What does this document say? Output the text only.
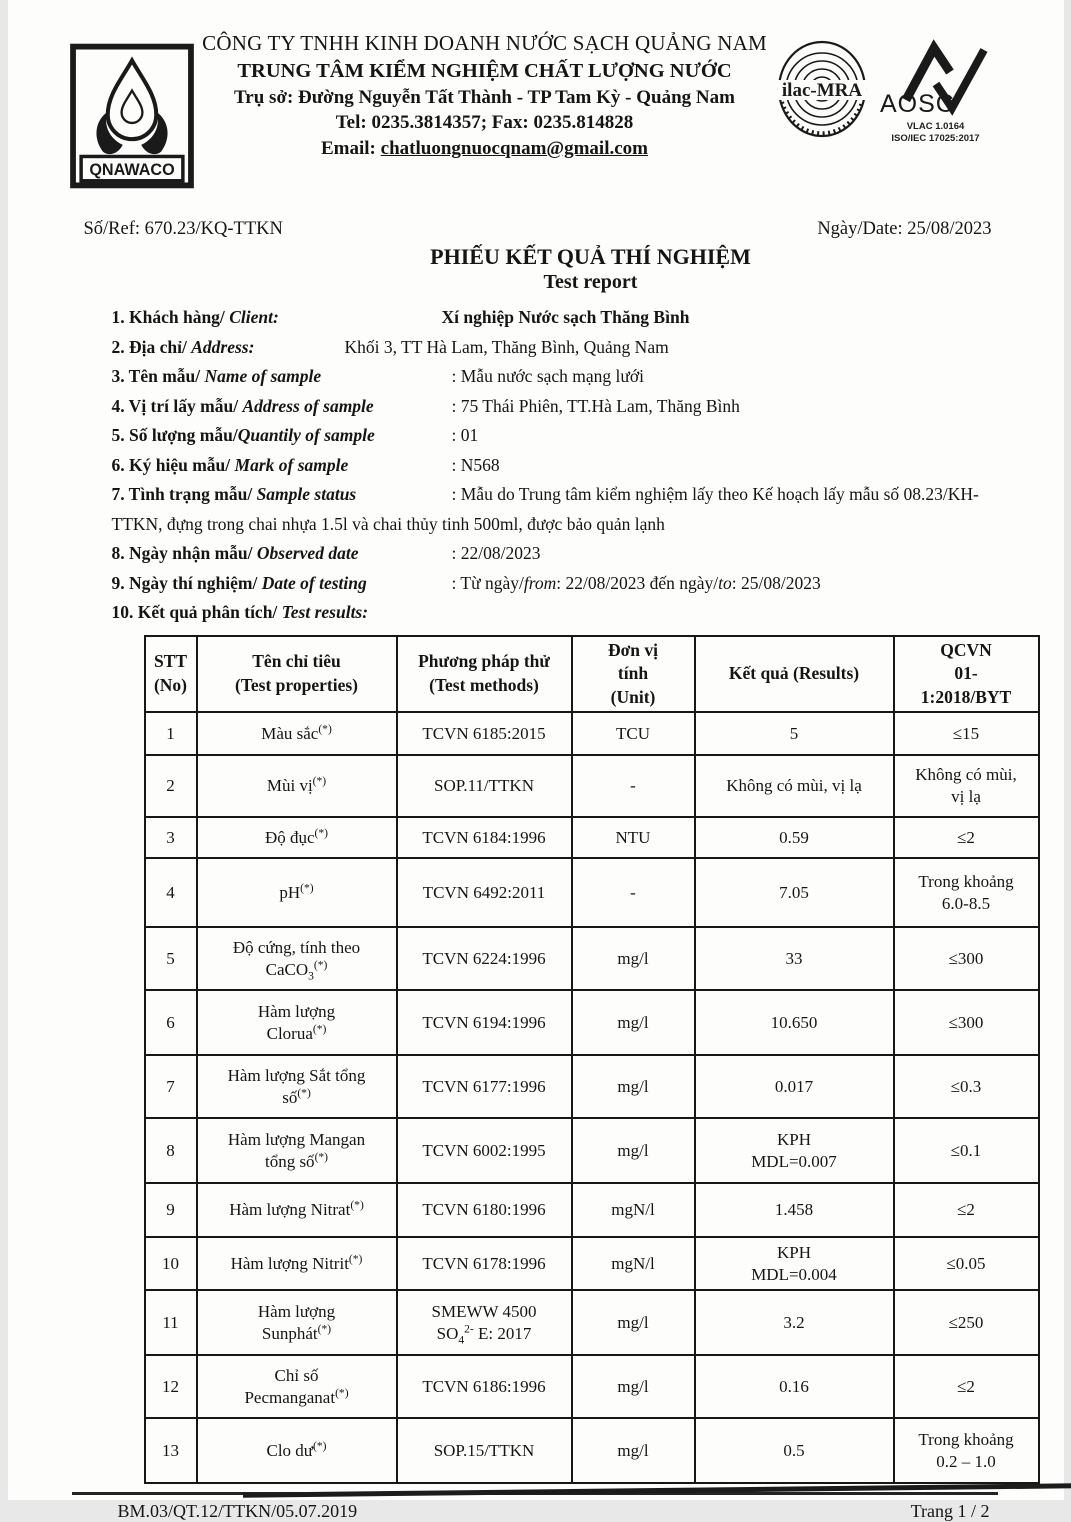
QNAWACO
CÔNG TY TNHH KINH DOANH NƯỚC SẠCH QUẢNG NAM
TRUNG TÂM KIỂM NGHIỆM CHẤT LƯỢNG NƯỚC
Trụ sở: Đường Nguyễn Tất Thành - TP Tam Kỳ - Quảng Nam
Tel: 0235.3814357; Fax: 0235.814828
Email: chatluongnuocqnam@gmail.com
ilac-MRA AOSC
VLAC 1.0164
ISO/IEC 17025:2017
Số/Ref: 670.23/KQ-TTKN	Ngày/Date: 25/08/2023
PHIẾU KẾT QUẢ THÍ NGHIỆM
Test report
1. Khách hàng/ Client:	Xí nghiệp Nước sạch Thăng Bình
2. Địa chỉ/ Address:	Khối 3, TT Hà Lam, Thăng Bình, Quảng Nam
3. Tên mẫu/ Name of sample	: Mẫu nước sạch mạng lưới
4. Vị trí lấy mẫu/ Address of sample	: 75 Thái Phiên, TT.Hà Lam, Thăng Bình
5. Số lượng mẫu/Quantily of sample	: 01
6. Ký hiệu mẫu/ Mark of sample	: N568
7. Tình trạng mẫu/ Sample status	: Mẫu do Trung tâm kiểm nghiệm lấy theo Kế hoạch lấy mẫu số 08.23/KH-TTKN, đựng trong chai nhựa 1.5l và chai thủy tinh 500ml, được bảo quản lạnh
8. Ngày nhận mẫu/ Observed date	: 22/08/2023
9. Ngày thí nghiệm/ Date of testing	: Từ ngày/from: 22/08/2023 đến ngày/to: 25/08/2023
10. Kết quả phân tích/ Test results:
STT
(No)	Tên chỉ tiêu
(Test properties)	Phương pháp thử
(Test methods)	Đơn vị
tính
(Unit)	Kết quả (Results)	QCVN
01-
1:2018/BYT
1	Màu sắc(*)	TCVN 6185:2015	TCU	5	≤15
2	Mùi vị(*)	SOP.11/TTKN	-	Không có mùi, vị lạ	Không có mùi,
vị lạ
3	Độ đục(*)	TCVN 6184:1996	NTU	0.59	≤2
4	pH(*)	TCVN 6492:2011	-	7.05	Trong khoảng
6.0-8.5
5	Độ cứng, tính theo
CaCO$_3$(*)	TCVN 6224:1996	mg/l	33	≤300
6	Hàm lượng
Clorua(*)	TCVN 6194:1996	mg/l	10.650	≤300
7	Hàm lượng Sắt tổng
số(*)	TCVN 6177:1996	mg/l	0.017	≤0.3
8	Hàm lượng Mangan
tổng số(*)	TCVN 6002:1995	mg/l	KPH
MDL=0.007	≤0.1
9	Hàm lượng Nitrat(*)	TCVN 6180:1996	mgN/l	1.458	≤2
10	Hàm lượng Nitrit(*)	TCVN 6178:1996	mgN/l	KPH
MDL=0.004	≤0.05
11	Hàm lượng
Sunphát(*)	SMEWW 4500
$SO_4^{2-}$ E: 2017	mg/l	3.2	≤250
12	Chỉ số
Pecmanganat(*)	TCVN 6186:1996	mg/l	0.16	≤2
13	Clo dư(*)	SOP.15/TTKN	mg/l	0.5	Trong khoảng
0.2 – 1.0
BM.03/QT.12/TTKN/05.07.2019	Trang 1 / 2
